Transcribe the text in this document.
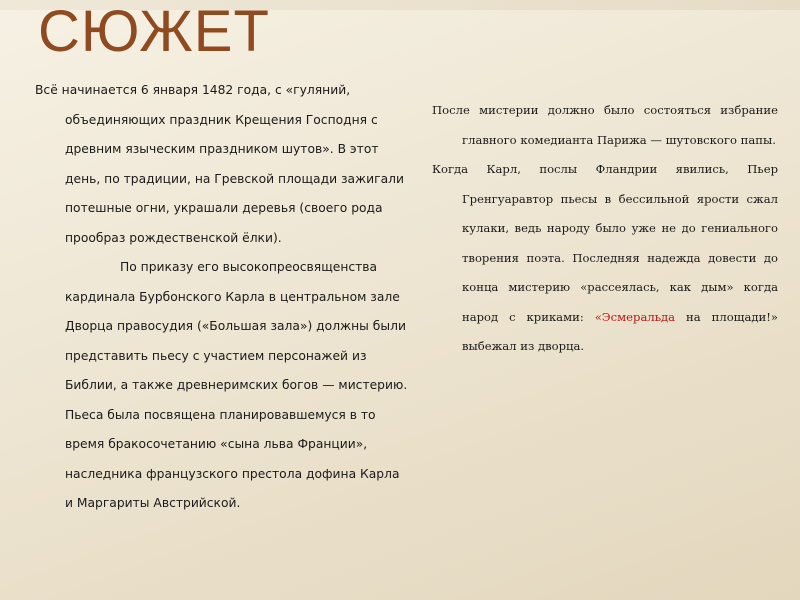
СЮЖЕТ

Всё начинается 6 января 1482 года, с «гуляний,
объединяющих праздник Крещения Господня с древним языческим праздником шутов». В этот день, по традиции, на Гревской площади зажигали потешные огни, украшали деревья (своего рода прообраз рождественской ёлки).

По приказу его высокопреосвященства кардинала Бурбонского Карла в центральном зале Дворца правосудия («Большая зала») должны были представить пьесу с участием персонажей из Библии, а также древнеримских богов — мистерию. Пьеса была посвящена планировавшемуся в то время бракосочетанию «сына льва Франции», наследника французского престола дофина Карла и Маргариты Австрийской.

После мистерии должно было состояться избрание главного комедианта Парижа — шутовского папы.

Когда Карл, послы Фландрии явились, Пьер Гренгуаравтор пьесы в бессильной ярости сжал кулаки, ведь народу было уже не до гениального творения поэта. Последняя надежда довести до конца мистерию «рассеялась, как дым» когда народ с криками: «Эсмеральда на площади!» выбежал из дворца.
